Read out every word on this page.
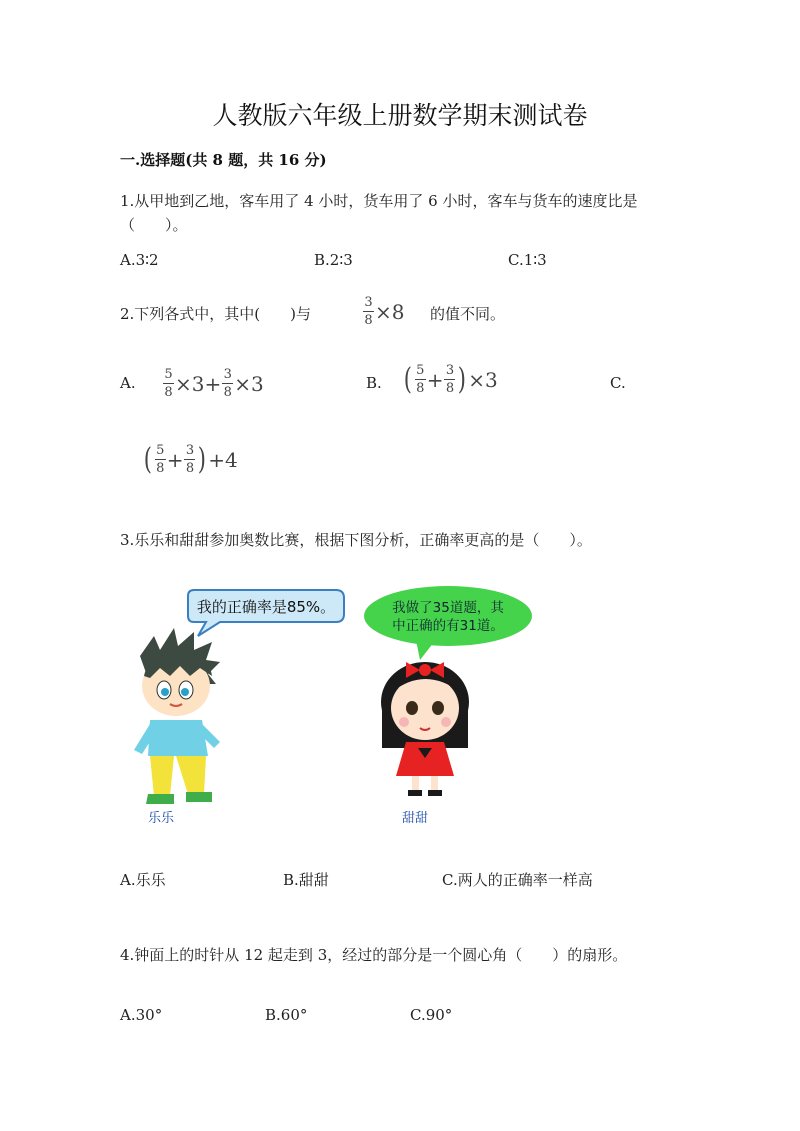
人教版六年级上册数学期末测试卷
一.选择题(共 8 题，共 16 分)
1.从甲地到乙地，客车用了 4 小时，货车用了 6 小时，客车与货车的速度比是
（　　）。
A.3∶2	B.2∶3	C.1∶3
2.下列各式中，其中(　　)与	$\frac{3}{8} \times 8$ 的值不同。
A. $\frac{5}{8} \times 3+ \frac{3}{8} \times 3$	B. ( $\frac{5}{8} + \frac{3}{8}$ ) ×3	C.
( $\frac{5}{8} + \frac{3}{8}$ ) +4
3.乐乐和甜甜参加奥数比赛，根据下图分析，正确率更高的是（　　）。
我的正确率是85%。	我做了35道题，其
中正确的有31道。
乐乐	甜甜
A.乐乐	B.甜甜	C.两人的正确率一样高
4.钟面上的时针从 12 起走到 3，经过的部分是一个圆心角（　　）的扇形。
A.30°	B.60°	C.90°
